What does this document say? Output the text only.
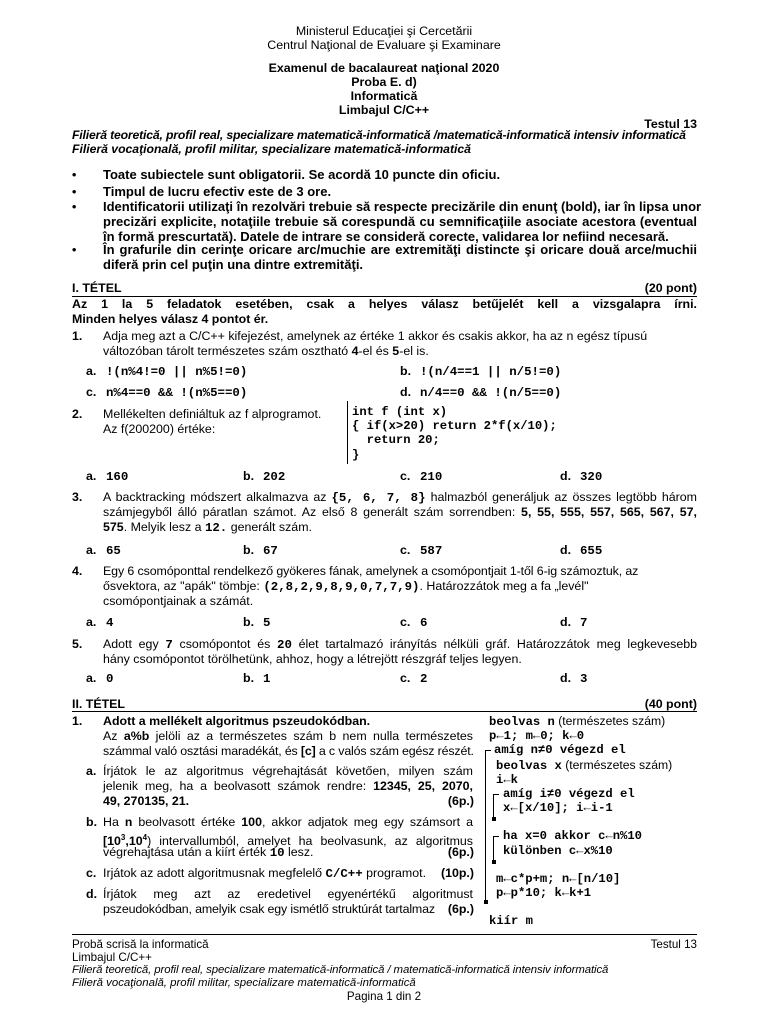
Ministerul Educaţiei şi Cercetării
Centrul Naţional de Evaluare şi Examinare
Examenul de bacalaureat naţional 2020
Proba E. d)
Informatică
Limbajul C/C++
Testul 13
Filieră teoretică, profil real, specializare matematică-informatică /matematică-informatică intensiv informatică
Filieră vocaţională, profil militar, specializare matematică-informatică
• Toate subiectele sunt obligatorii. Se acordă 10 puncte din oficiu.
• Timpul de lucru efectiv este de 3 ore.
• Identificatorii utilizaţi în rezolvări trebuie să respecte precizările din enunţ (bold), iar în lipsa unor
precizări explicite, notaţiile trebuie să corespundă cu semnificaţiile asociate acestora (eventual
în formă prescurtată). Datele de intrare se consideră corecte, validarea lor nefiind necesară.
• În grafurile din cerinţe oricare arc/muchie are extremităţi distincte şi oricare două arce/muchii
diferă prin cel puţin una dintre extremităţi.
I. TÉTEL	(20 pont)
Az 1 la 5 feladatok esetében, csak a helyes válasz betűjelét kell a vizsgalapra írni.
Minden helyes válasz 4 pontot ér.
1. Adja meg azt a C/C++ kifejezést, amelynek az értéke 1 akkor és csakis akkor, ha az n egész típusú
változóban tárolt természetes szám osztható 4-el és 5-el is.
a. !(n%4!=0 || n%5!=0)	b. !(n/4==1 || n/5!=0)
c. n%4==0 && !(n%5==0)	d. n/4==0 && !(n/5==0)
2. Mellékelten definiáltuk az f alprogramot.
Az f(200200) értéke:
int f (int x)
{ if(x>20) return 2*f(x/10);
return 20;
}
a. 160	b. 202	c. 210	d. 320
3. A backtracking módszert alkalmazva az {5, 6, 7, 8} halmazból generáljuk az összes legtöbb három
számjegyből álló páratlan számot. Az első 8 generált szám sorrendben: 5, 55, 555, 557, 565, 567, 57,
575. Melyik lesz a 12. generált szám.
a. 65	b. 67	c. 587	d. 655
4. Egy 6 csomóponttal rendelkező gyökeres fának, amelynek a csomópontjait 1-től 6-ig számoztuk, az
ősvektora, az "apák" tömbje: (2,8,2,9,8,9,0,7,7,9). Határozzátok meg a fa „levél"
csomópontjainak a számát.
a. 4	b. 5	c. 6	d. 7
5. Adott egy 7 csomópontot és 20 élet tartalmazó irányítás nélküli gráf. Határozzátok meg legkevesebb
hány csomópontot törölhetünk, ahhoz, hogy a létrejött részgráf teljes legyen.
a. 0	b. 1	c. 2	d. 3
II. TÉTEL	(40 pont)
1. Adott a mellékelt algoritmus pszeudokódban.
Az a%b jelöli az a természetes szám b nem nulla természetes
számmal való osztási maradékát, és [c] a c valós szám egész részét.
a. Írjátok le az algoritmus végrehajtását követően, milyen szám
jelenik meg, ha a beolvasott számok rendre: 12345, 25, 2070,
49, 270135, 21.	(6p.)
b. Ha n beolvasott értéke 100, akkor adjatok meg egy számsort a
$[10^3,10^4)$ intervallumból, amelyet ha beolvasunk, az algoritmus
végrehajtása után a kiírt érték 10 lesz.	(6p.)
c. Irjátok az adott algoritmusnak megfelelő C/C++ programot.	(10p.)
d. Írjátok meg azt az eredetivel egyenértékű algoritmust
pszeudokódban, amelyik csak egy ismétlő struktúrát tartalmaz	(6p.)
beolvas n (természetes szám)
p←1; m←0; k←0
amíg n≠0 végezd el
beolvas x (természetes szám)
i←k
amíg i≠0 végezd el
x←[x/10]; i←i-1
ha x=0 akkor c←n%10
különben c←x%10
m←c*p+m; n←[n/10]
p←p*10; k←k+1
kiír m
Probă scrisă la informatică	Testul 13
Limbajul C/C++
Filieră teoretică, profil real, specializare matematică-informatică / matematică-informatică intensiv informatică
Filieră vocaţională, profil militar, specializare matematică-informatică
Pagina 1 din 2
